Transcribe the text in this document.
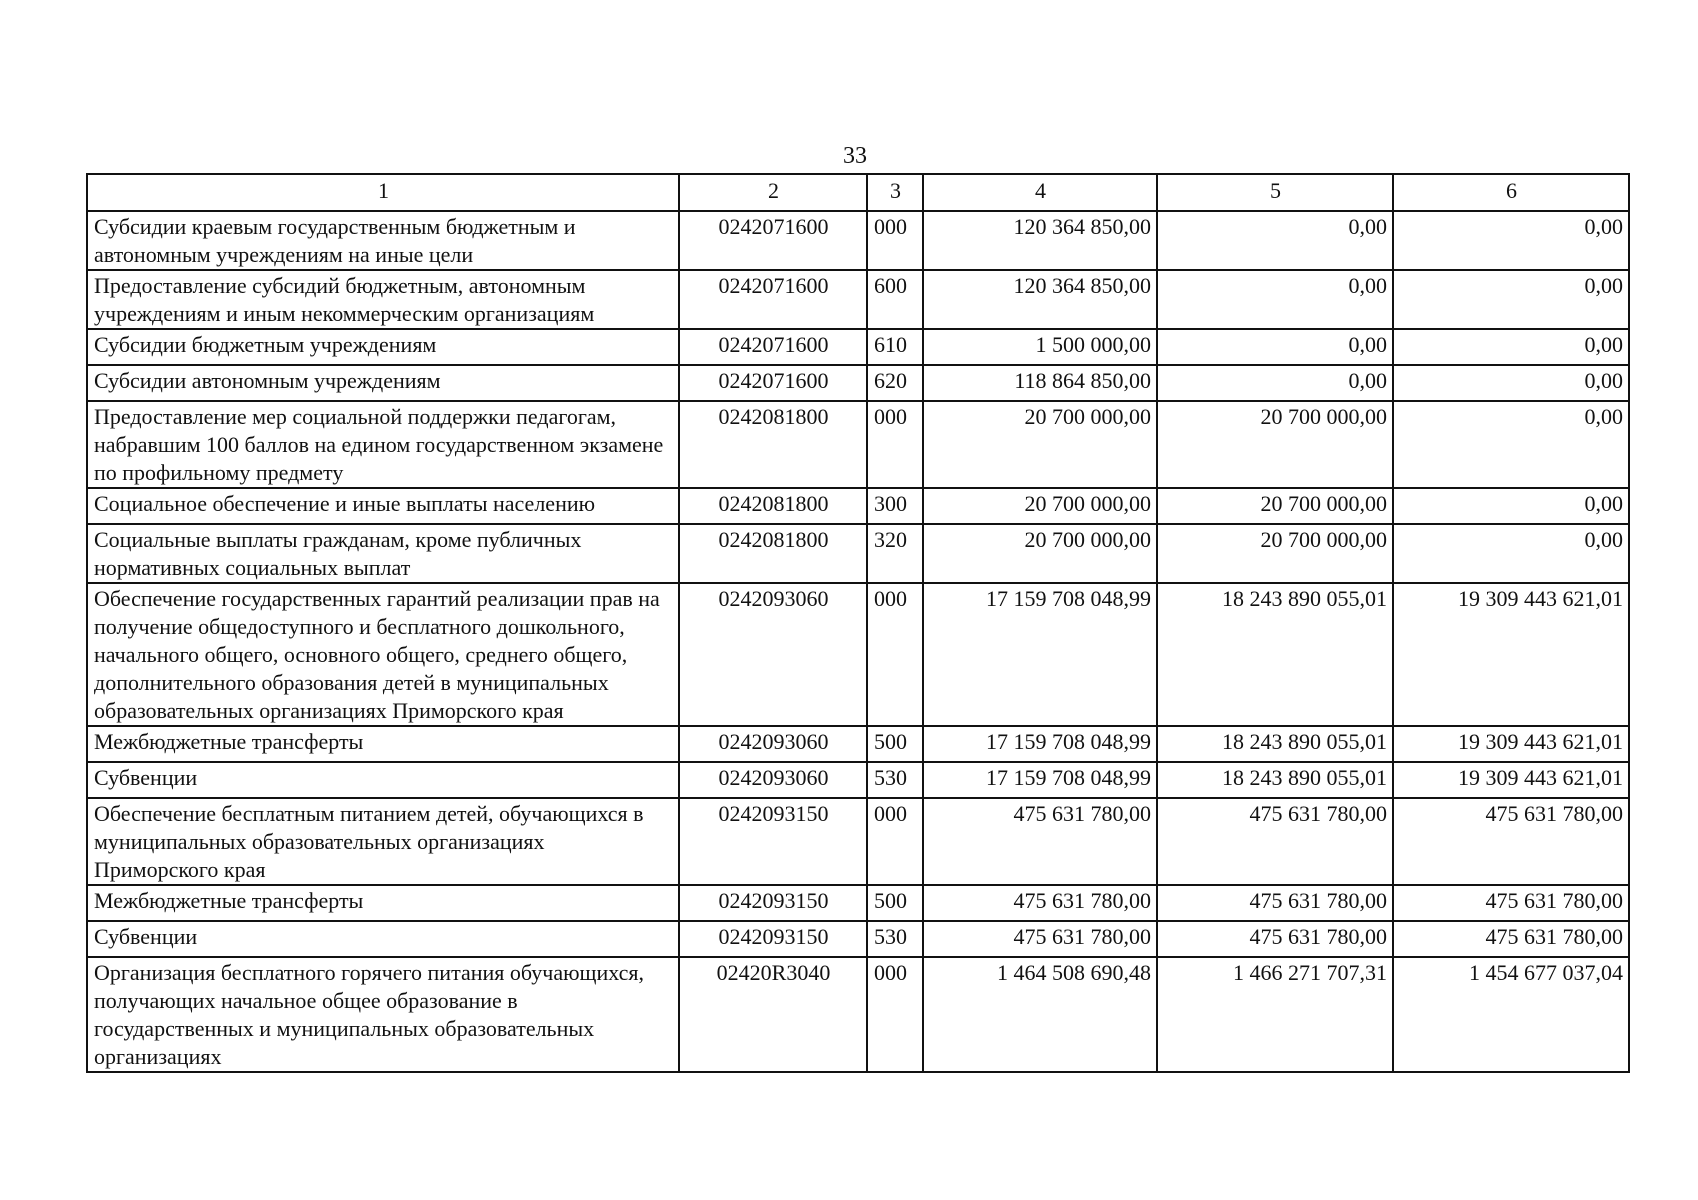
33
1	2	3	4	5	6
Субсидии краевым государственным бюджетным и автономным учреждениям на иные цели	0242071600	000	120 364 850,00	0,00	0,00
Предоставление субсидий бюджетным, автономным учреждениям и иным некоммерческим организациям	0242071600	600	120 364 850,00	0,00	0,00
Субсидии бюджетным учреждениям	0242071600	610	1 500 000,00	0,00	0,00
Субсидии автономным учреждениям	0242071600	620	118 864 850,00	0,00	0,00
Предоставление мер социальной поддержки педагогам, набравшим 100 баллов на едином государственном экзамене по профильному предмету	0242081800	000	20 700 000,00	20 700 000,00	0,00
Социальное обеспечение и иные выплаты населению	0242081800	300	20 700 000,00	20 700 000,00	0,00
Социальные выплаты гражданам, кроме публичных нормативных социальных выплат	0242081800	320	20 700 000,00	20 700 000,00	0,00
Обеспечение государственных гарантий реализации прав на получение общедоступного и бесплатного дошкольного, начального общего, основного общего, среднего общего, дополнительного образования детей в муниципальных образовательных организациях Приморского края	0242093060	000	17 159 708 048,99	18 243 890 055,01	19 309 443 621,01
Межбюджетные трансферты	0242093060	500	17 159 708 048,99	18 243 890 055,01	19 309 443 621,01
Субвенции	0242093060	530	17 159 708 048,99	18 243 890 055,01	19 309 443 621,01
Обеспечение бесплатным питанием детей, обучающихся в муниципальных образовательных организациях Приморского края	0242093150	000	475 631 780,00	475 631 780,00	475 631 780,00
Межбюджетные трансферты	0242093150	500	475 631 780,00	475 631 780,00	475 631 780,00
Субвенции	0242093150	530	475 631 780,00	475 631 780,00	475 631 780,00
Организация бесплатного горячего питания обучающихся, получающих начальное общее образование в государственных и муниципальных образовательных организациях	02420R3040	000	1 464 508 690,48	1 466 271 707,31	1 454 677 037,04
